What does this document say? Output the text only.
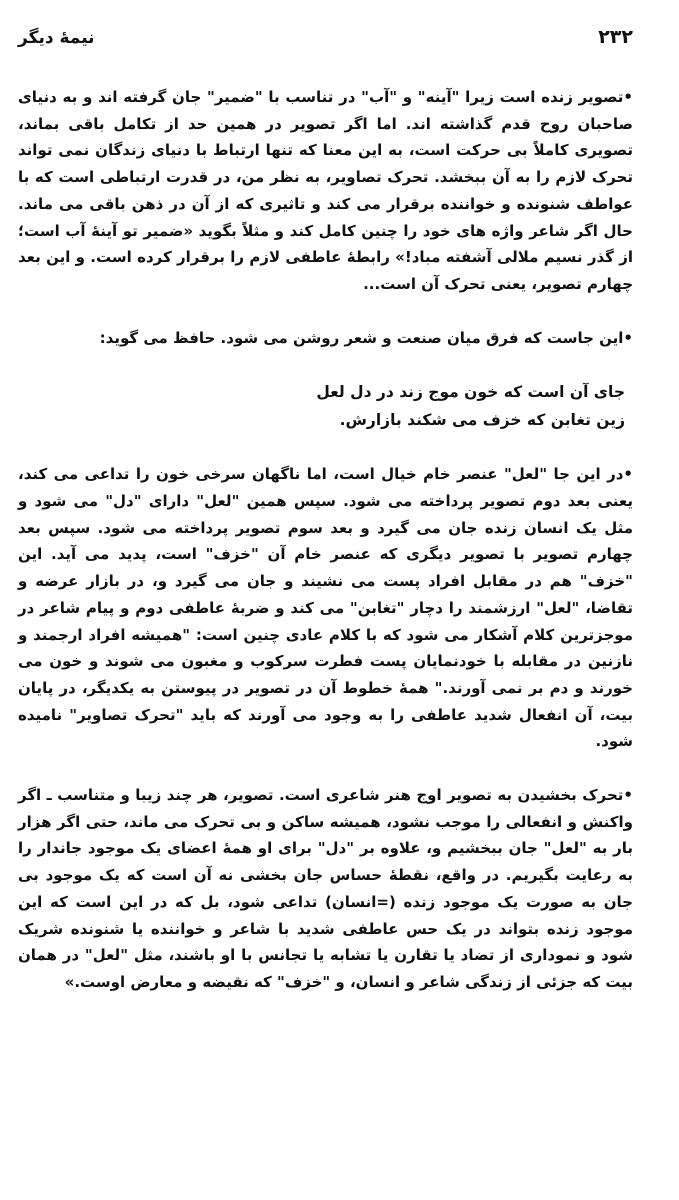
۲۳۲
نیمهٔ دیگر

•تصویر زنده است زیرا "آینه" و "آب" در تناسب با "ضمیر" جان گرفته اند و به دنیای صاحبان روح قدم گذاشته اند. اما اگر تصویر در همین حد از تکامل باقی بماند، تصویری کاملاً بی حرکت است، به این معنا که تنها ارتباط با دنیای زندگان نمی تواند تحرک لازم را به آن ببخشد. تحرک تصاویر، به نظر من، در قدرت ارتباطی است که با عواطف شنونده و خواننده برقرار می کند و تاثیری که از آن در ذهن باقی می ماند. حال اگر شاعر واژه های خود را چنین کامل کند و مثلاً بگوید «ضمیر تو آینهٔ آب است؛ از گذر نسیم ملالی آشفته مباد!» رابطهٔ عاطفی لازم را برقرار کرده است. و این بعد چهارم تصویر، یعنی تحرک آن است...

•این جاست که فرق میان صنعت و شعر روشن می شود. حافظ می گوید:

جای آن است که خون موج زند در دل لعل
زین تغابن که خزف می شکند بازارش.

•در این جا "لعل" عنصر خام خیال است، اما ناگهان سرخی خون را تداعی می کند، یعنی بعد دوم تصویر پرداخته می شود. سپس همین "لعل" دارای "دل" می شود و مثل یک انسان زنده جان می گیرد و بعد سوم تصویر پرداخته می شود. سپس بعد چهارم تصویر با تصویر دیگری که عنصر خام آن "خزف" است، پدید می آید. این "خزف" هم در مقابل افراد پست می نشیند و جان می گیرد و، در بازار عرضه و تقاضا، "لعل" ارزشمند را دچار "تغابن" می کند و ضربهٔ عاطفی دوم و پیام شاعر در موجزترین کلام آشکار می شود که با کلام عادی چنین است: "همیشه افراد ارجمند و نازنین در مقابله با خودنمایان پست فطرت سرکوب و مغبون می شوند و خون می خورند و دم بر نمی آورند." همهٔ خطوط آن در تصویر در پیوستن به یکدیگر، در پایان بیت، آن انفعال شدید عاطفی را به وجود می آورند که باید "تحرک تصاویر" نامیده شود.

•تحرک بخشیدن به تصویر اوج هنر شاعری است. تصویر، هر چند زیبا و متناسب ـ اگر واکنش و انفعالی را موجب نشود، همیشه ساکن و بی تحرک می ماند، حتی اگر هزار بار به "لعل" جان ببخشیم و، علاوه بر "دل" برای او همهٔ اعضای یک موجود جاندار را به رعایت بگیریم. در واقع، نقطهٔ حساس جان بخشی نه آن است که یک موجود بی جان به صورت یک موجود زنده (=انسان) تداعی شود، بل که در این است که این موجود زنده بتواند در یک حس عاطفی شدید با شاعر و خواننده یا شنونده شریک شود و نموداری از تضاد یا تقارن یا تشابه یا تجانس با او باشند، مثل "لعل" در همان بیت که جزئی از زندگی شاعر و انسان، و "خزف" که نقیضه و معارض اوست.»
